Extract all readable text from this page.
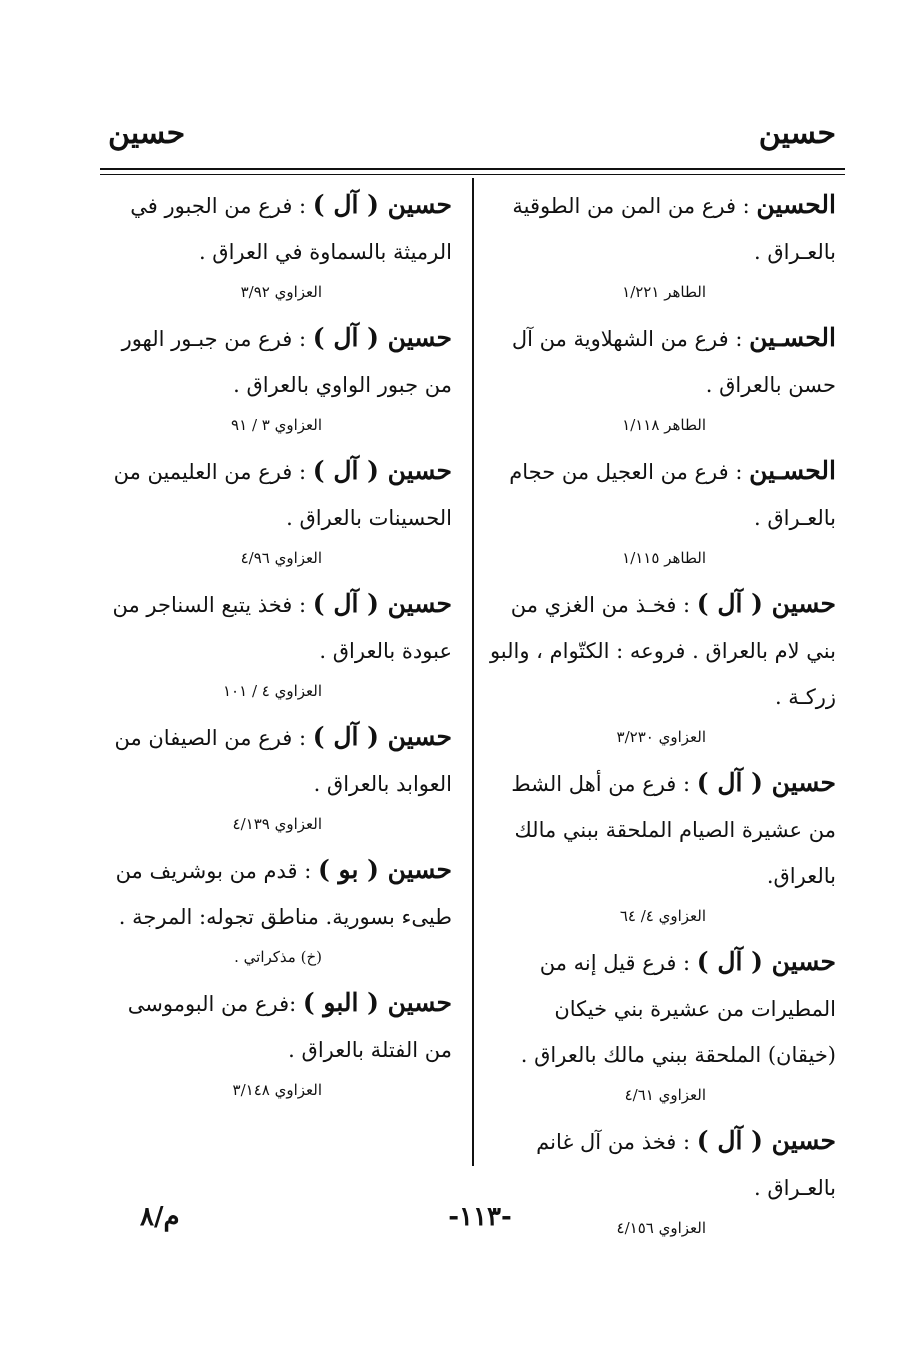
حسين
حسين

الحسين : فرع من المن من الطوقية بالعـراق .

الطاهر ١/٢٢١

الحسـين : فرع من الشهلاوية من آل حسن بالعراق .

الطاهر ١/١١٨

الحسـين : فرع من العجيل من حجام بالعـراق .

الطاهر ١/١١٥

حسين ( آل ) : فخـذ من الغزي من بني لام بالعراق . فروعه : الكتّوام ، والبو زركـة .

العزاوي ٣/٢٣٠

حسين ( آل ) : فرع من أهل الشط من عشيرة الصيام الملحقة ببني مالك بالعراق.

العزاوي ٤/ ٦٤

حسين ( آل ) : فرع قيل إنه من المطيرات من عشيرة بني خيكان (خيقان) الملحقة ببني مالك بالعراق .

العزاوي ٤/٦١

حسين ( آل ) : فخذ من آل غانم بالعـراق .

العزاوي ٤/١٥٦

حسين ( آل ) : فرع من الجبور في الرميثة بالسماوة في العراق .

العزاوي ٣/٩٢

حسين ( آل ) : فرع من جبـور الهور من جبور الواوي بالعراق .

العزاوي ٣ / ٩١

حسين ( آل ) : فرع من العليمين من الحسينات بالعراق .

العزاوي ٤/٩٦

حسين ( آل ) : فخذ يتبع السناجر من عبودة بالعراق .

العزاوي ٤ / ١٠١

حسين ( آل ) : فرع من الصيفان من العوابد بالعراق .

العزاوي ٤/١٣٩

حسين ( بو ) : قدم من بوشريف من طيىء بسورية. مناطق تجوله: المرجة .

(خ) مذكراتي .

حسين ( البو ) :فرع من البوموسى من الفتلة بالعراق .

العزاوي ٣/١٤٨
-١١٣-
م/٨
